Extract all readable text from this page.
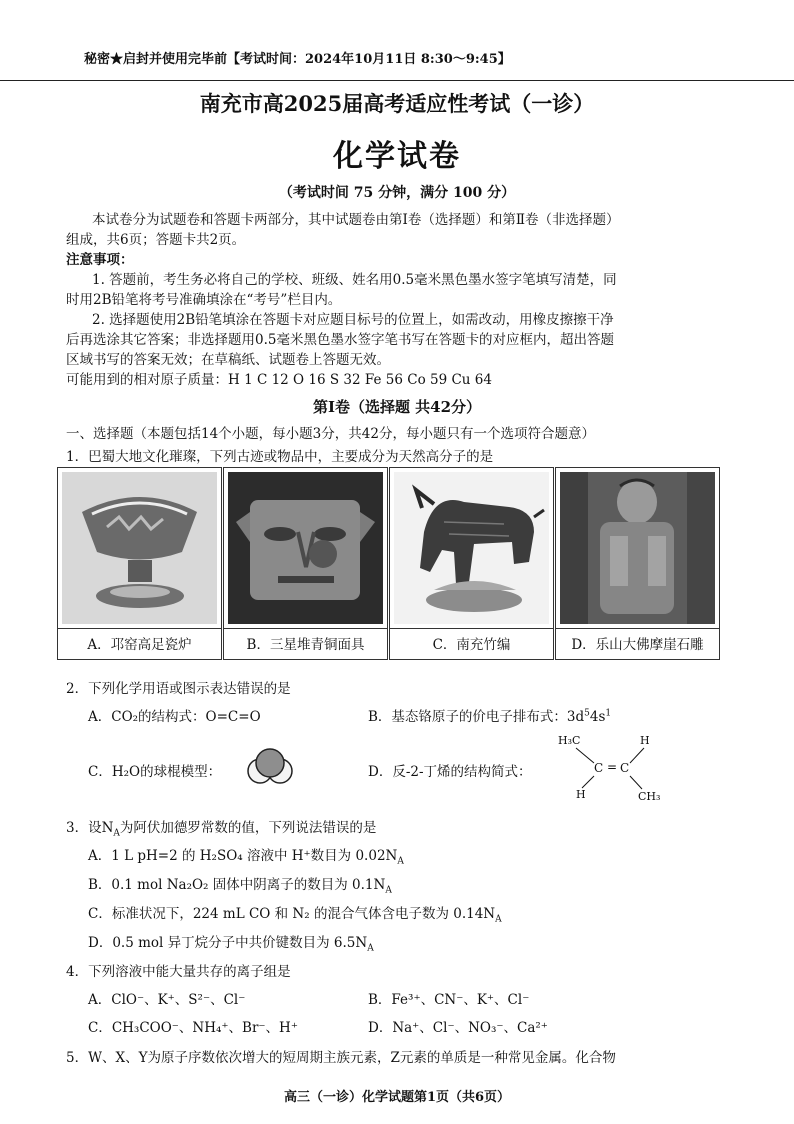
秘密★启封并使用完毕前【考试时间：2024年10月11日 8:30～9:45】
南充市高2025届高考适应性考试（一诊）
化学试卷
（考试时间 75 分钟，满分 100 分）
本试卷分为试题卷和答题卡两部分，其中试题卷由第Ⅰ卷（选择题）和第Ⅱ卷（非选择题）
组成，共6页；答题卡共2页。
注意事项：
1. 答题前，考生务必将自己的学校、班级、姓名用0.5毫米黑色墨水签字笔填写清楚，同
时用2B铅笔将考号准确填涂在“考号”栏目内。
2. 选择题使用2B铅笔填涂在答题卡对应题目标号的位置上，如需改动，用橡皮擦擦干净
后再选涂其它答案；非选择题用0.5毫米黑色墨水签字笔书写在答题卡的对应框内，超出答题
区域书写的答案无效；在草稿纸、试题卷上答题无效。
可能用到的相对原子质量：H 1 C 12 O 16 S 32 Fe 56 Co 59 Cu 64
第Ⅰ卷（选择题 共42分）
一、选择题（本题包括14个小题，每小题3分，共42分，每小题只有一个选项符合题意）
1．巴蜀大地文化璀璨，下列古迹或物品中，主要成分为天然高分子的是
A．邛窑高足瓷炉	B．三星堆青铜面具	C．南充竹编	D．乐山大佛摩崖石雕
2．下列化学用语或图示表达错误的是
A．CO₂的结构式：O=C=O	B．基态铬原子的价电子排布式：$3d^54s^1$
C．H₂O的球棍模型：	D．反-2-丁烯的结构简式：
H₃C	H
C = C
H	CH₃
3．设$N_A$为阿伏加德罗常数的值，下列说法错误的是
A．1 L pH=2 的 H₂SO₄ 溶液中 H⁺数目为 $0.02N_A$
B．0.1 mol Na₂O₂ 固体中阴离子的数目为 $0.1N_A$
C．标准状况下，224 mL CO 和 N₂ 的混合气体含电子数为 $0.14N_A$
D．0.5 mol 异丁烷分子中共价键数目为 $6.5N_A$
4．下列溶液中能大量共存的离子组是
A．ClO⁻、K⁺、S²⁻、Cl⁻	B．Fe³⁺、CN⁻、K⁺、Cl⁻
C．CH₃COO⁻、NH₄⁺、Br⁻、H⁺	D．Na⁺、Cl⁻、NO₃⁻、Ca²⁺
5．W、X、Y为原子序数依次增大的短周期主族元素，Z元素的单质是一种常见金属。化合物
高三（一诊）化学试题第1页（共6页）
